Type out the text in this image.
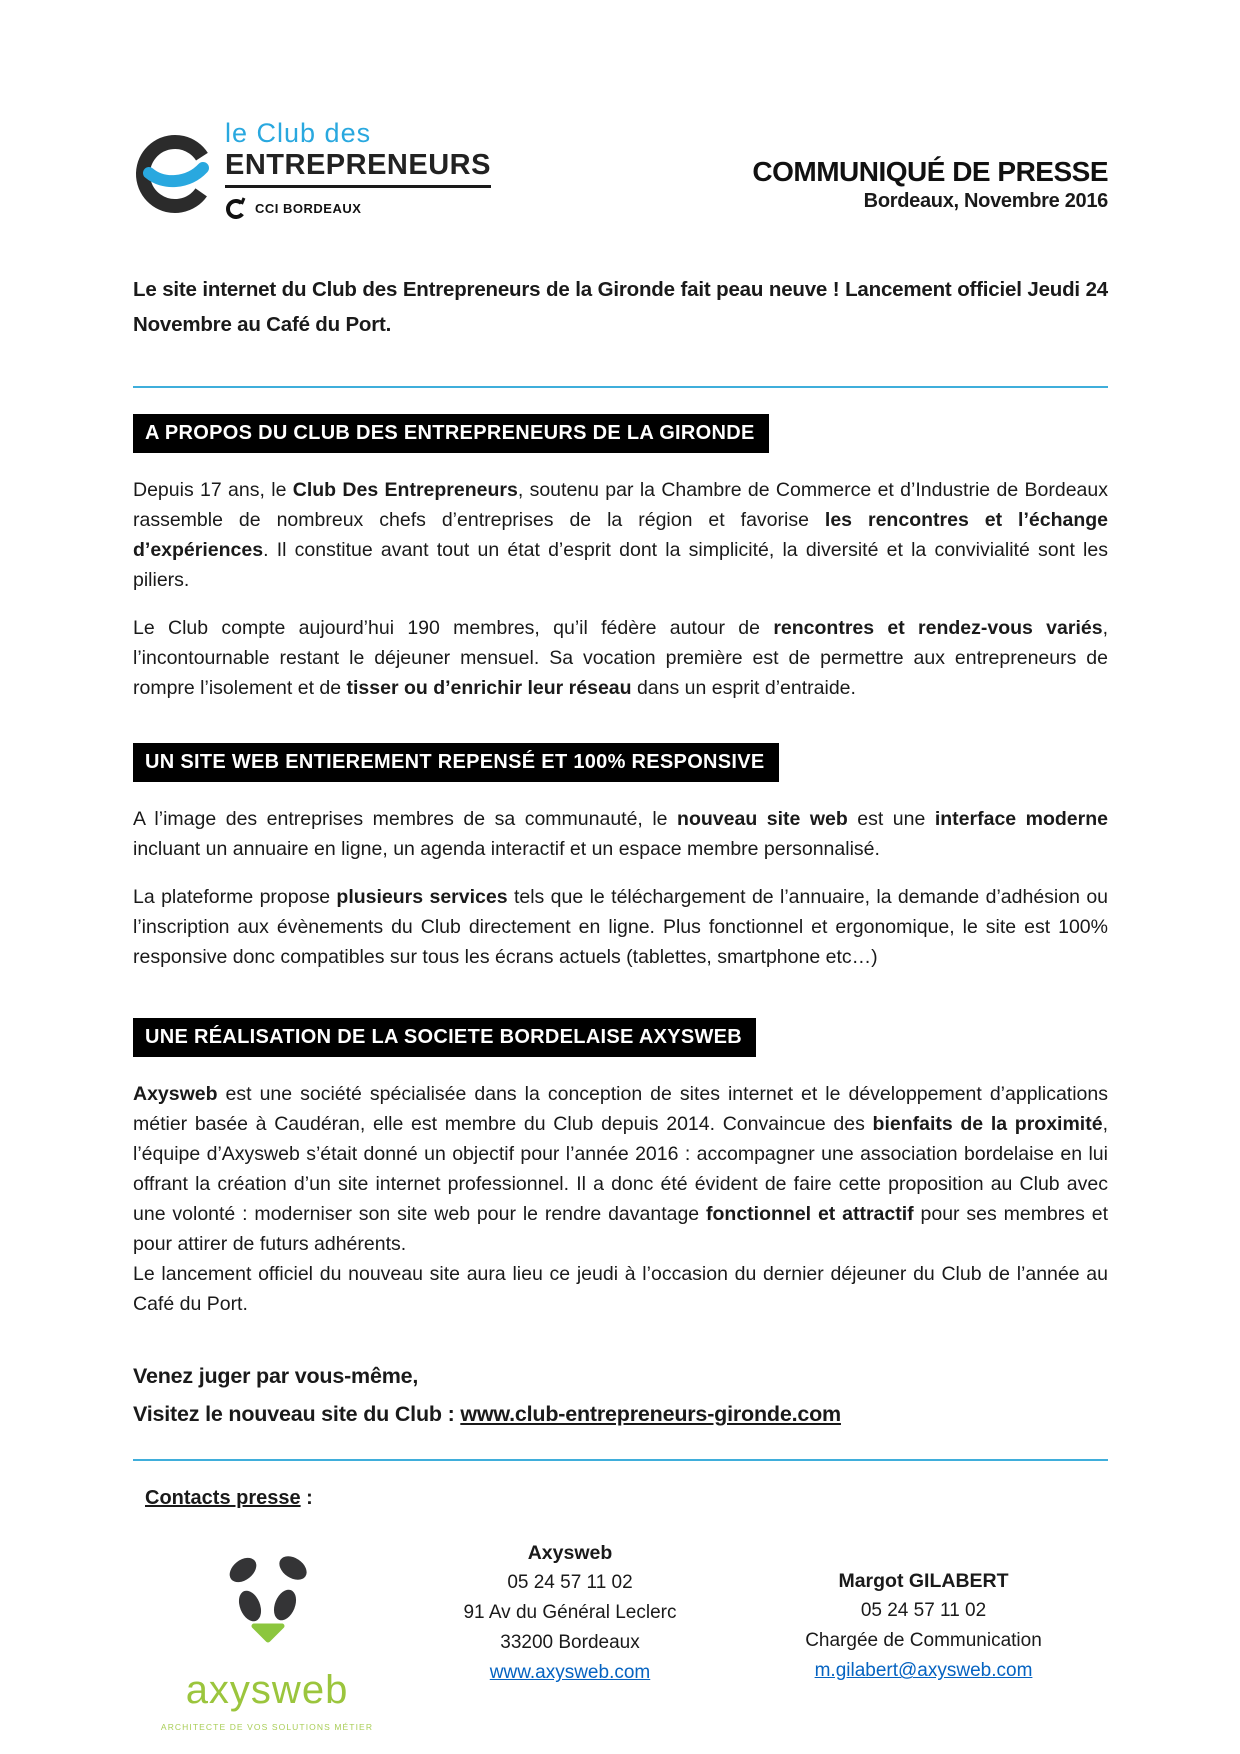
le Club des
ENTREPRENEURS
CCI BORDEAUX
COMMUNIQUÉ DE PRESSE
Bordeaux, Novembre 2016

Le site internet du Club des Entrepreneurs de la Gironde fait peau neuve ! Lancement officiel Jeudi 24 Novembre au Café du Port.

A PROPOS DU CLUB DES ENTREPRENEURS DE LA GIRONDE

Depuis 17 ans, le Club Des Entrepreneurs, soutenu par la Chambre de Commerce et d’Industrie de Bordeaux rassemble de nombreux chefs d’entreprises de la région et favorise les rencontres et l’échange d’expériences. Il constitue avant tout un état d’esprit dont la simplicité, la diversité et la convivialité sont les piliers.

Le Club compte aujourd’hui 190 membres, qu’il fédère autour de rencontres et rendez-vous variés, l’incontournable restant le déjeuner mensuel. Sa vocation première est de permettre aux entrepreneurs de rompre l’isolement et de tisser ou d’enrichir leur réseau dans un esprit d’entraide.

UN SITE WEB ENTIEREMENT REPENSÉ ET 100% RESPONSIVE

A l’image des entreprises membres de sa communauté, le nouveau site web est une interface moderne incluant un annuaire en ligne, un agenda interactif et un espace membre personnalisé.

La plateforme propose plusieurs services tels que le téléchargement de l’annuaire, la demande d’adhésion ou l’inscription aux évènements du Club directement en ligne. Plus fonctionnel et ergonomique, le site est 100% responsive donc compatibles sur tous les écrans actuels (tablettes, smartphone etc…)

UNE RÉALISATION DE LA SOCIETE BORDELAISE AXYSWEB

Axysweb est une société spécialisée dans la conception de sites internet et le développement d’applications métier basée à Caudéran, elle est membre du Club depuis 2014. Convaincue des bienfaits de la proximité, l’équipe d’Axysweb s’était donné un objectif pour l’année 2016 : accompagner une association bordelaise en lui offrant la création d’un site internet professionnel. Il a donc été évident de faire cette proposition au Club avec une volonté : moderniser son site web pour le rendre davantage fonctionnel et attractif pour ses membres et pour attirer de futurs adhérents.

Le lancement officiel du nouveau site aura lieu ce jeudi à l’occasion du dernier déjeuner du Club de l’année au Café du Port.

Venez juger par vous-même,
Visitez le nouveau site du Club : www.club-entrepreneurs-gironde.com
Contacts presse :
axysweb
ARCHITECTE DE VOS SOLUTIONS MÉTIER
Axysweb
05 24 57 11 02
91 Av du Général Leclerc
33200 Bordeaux
www.axysweb.com
Margot GILABERT
05 24 57 11 02
Chargée de Communication
m.gilabert@axysweb.com
